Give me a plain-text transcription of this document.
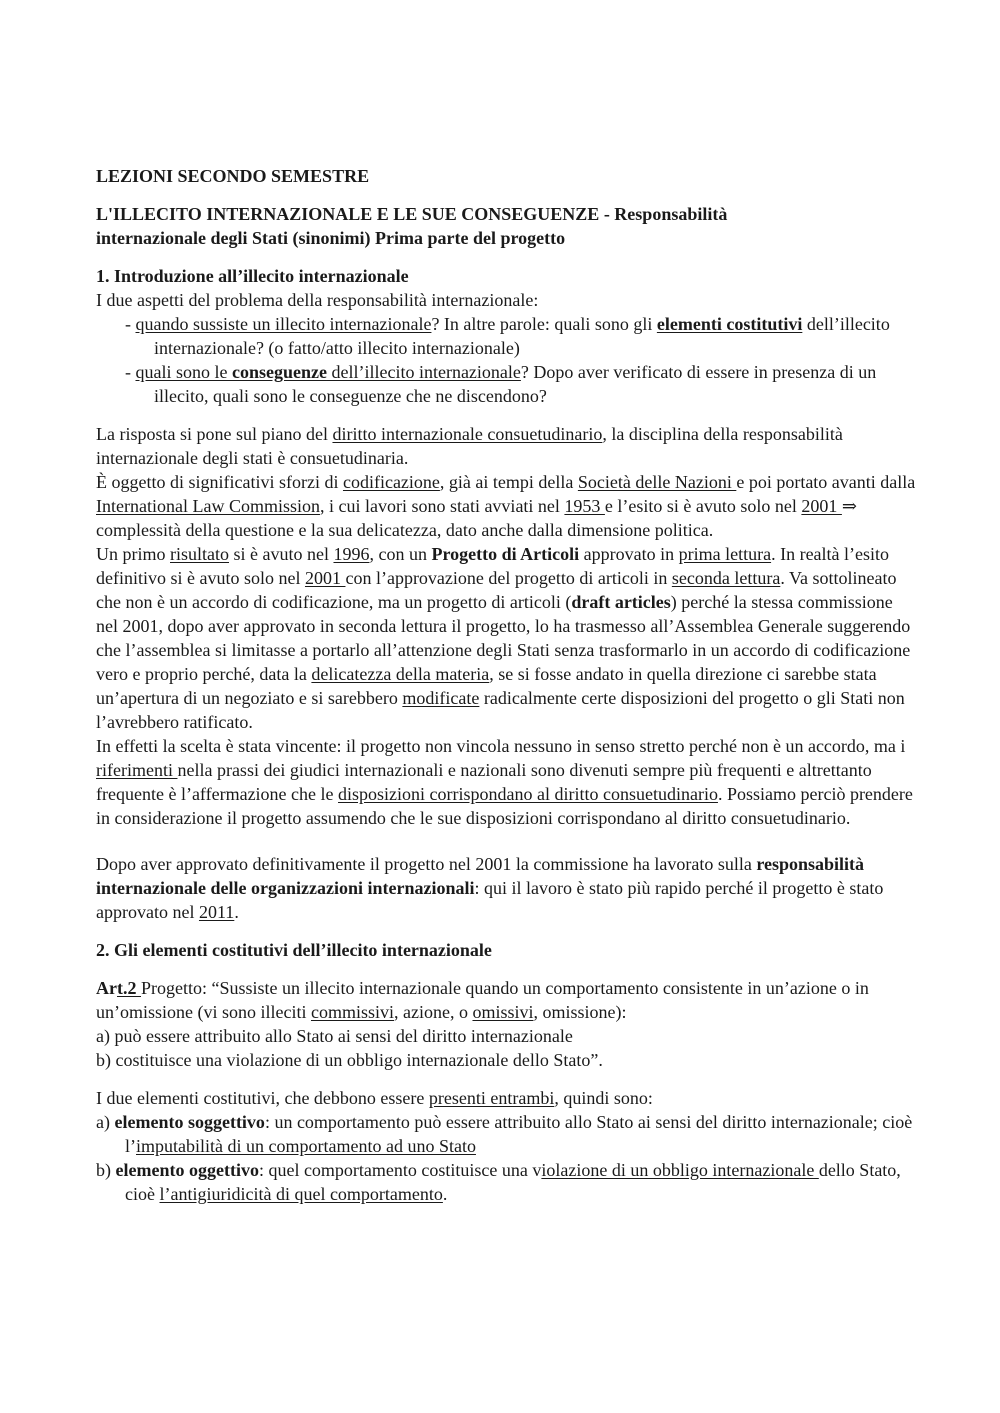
LEZIONI SECONDO SEMESTRE

L'ILLECITO INTERNAZIONALE E LE SUE CONSEGUENZE - Responsabilità
internazionale degli Stati (sinonimi) Prima parte del progetto

1. Introduzione all’illecito internazionale

I due aspetti del problema della responsabilità internazionale:

- quando sussiste un illecito internazionale? In altre parole: quali sono gli elementi costitutivi dell’illecito internazionale? (o fatto/atto illecito internazionale)

- quali sono le conseguenze dell’illecito internazionale? Dopo aver verificato di essere in presenza di un illecito, quali sono le conseguenze che ne discendono?

La risposta si pone sul piano del diritto internazionale consuetudinario, la disciplina della responsabilità internazionale degli stati è consuetudinaria.

È oggetto di significativi sforzi di codificazione, già ai tempi della Società delle Nazioni e poi portato avanti dalla International Law Commission, i cui lavori sono stati avviati nel 1953 e l’esito si è avuto solo nel 2001 ⇒ complessità della questione e la sua delicatezza, dato anche dalla dimensione politica.

Un primo risultato si è avuto nel 1996, con un Progetto di Articoli approvato in prima lettura. In realtà l’esito definitivo si è avuto solo nel 2001 con l’approvazione del progetto di articoli in seconda lettura. Va sottolineato che non è un accordo di codificazione, ma un progetto di articoli (draft articles) perché la stessa commissione nel 2001, dopo aver approvato in seconda lettura il progetto, lo ha trasmesso all’Assemblea Generale suggerendo che l’assemblea si limitasse a portarlo all’attenzione degli Stati senza trasformarlo in un accordo di codificazione vero e proprio perché, data la delicatezza della materia, se si fosse andato in quella direzione ci sarebbe stata un’apertura di un negoziato e si sarebbero modificate radicalmente certe disposizioni del progetto o gli Stati non l’avrebbero ratificato.

In effetti la scelta è stata vincente: il progetto non vincola nessuno in senso stretto perché non è un accordo, ma i riferimenti nella prassi dei giudici internazionali e nazionali sono divenuti sempre più frequenti e altrettanto frequente è l’affermazione che le disposizioni corrispondano al diritto consuetudinario. Possiamo perciò prendere in considerazione il progetto assumendo che le sue disposizioni corrispondano al diritto consuetudinario.

Dopo aver approvato definitivamente il progetto nel 2001 la commissione ha lavorato sulla responsabilità internazionale delle organizzazioni internazionali: qui il lavoro è stato più rapido perché il progetto è stato approvato nel 2011.

2. Gli elementi costitutivi dell’illecito internazionale

Art.2 Progetto: “Sussiste un illecito internazionale quando un comportamento consistente in un’azione o in un’omissione (vi sono illeciti commissivi, azione, o omissivi, omissione):

a) può essere attribuito allo Stato ai sensi del diritto internazionale

b) costituisce una violazione di un obbligo internazionale dello Stato”.

I due elementi costitutivi, che debbono essere presenti entrambi, quindi sono:

a) elemento soggettivo: un comportamento può essere attribuito allo Stato ai sensi del diritto internazionale; cioè l’imputabilità di un comportamento ad uno Stato

b) elemento oggettivo: quel comportamento costituisce una violazione di un obbligo internazionale dello Stato, cioè l’antigiuridicità di quel comportamento.
